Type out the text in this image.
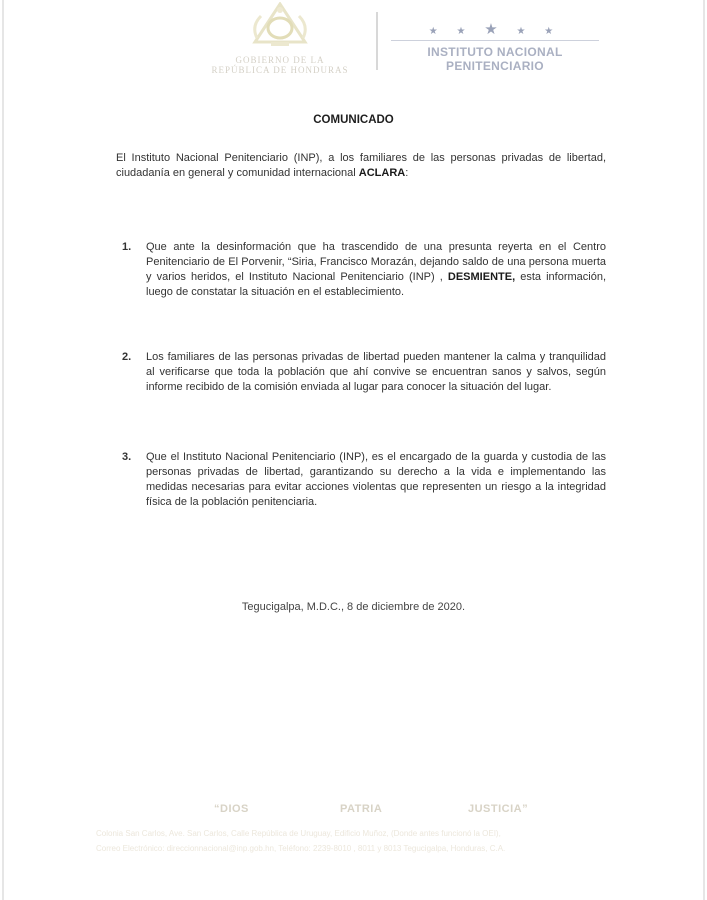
GOBIERNO DE LA
REPÚBLICA DE HONDURAS
★ ★ ★ ★ ★
INSTITUTO NACIONAL
PENITENCIARIO
COMUNICADO
El Instituto Nacional Penitenciario (INP), a los familiares de las personas privadas de libertad, ciudadanía en general y comunidad internacional ACLARA:
1. Que ante la desinformación que ha trascendido de una presunta reyerta en el Centro Penitenciario de El Porvenir, “Siria, Francisco Morazán, dejando saldo de una persona muerta y varios heridos, el Instituto Nacional Penitenciario (INP) , DESMIENTE, esta información, luego de constatar la situación en el establecimiento.
2. Los familiares de las personas privadas de libertad pueden mantener la calma y tranquilidad al verificarse que toda la población que ahí convive se encuentran sanos y salvos, según informe recibido de la comisión enviada al lugar para conocer la situación del lugar.
3. Que el Instituto Nacional Penitenciario (INP), es el encargado de la guarda y custodia de las personas privadas de libertad, garantizando su derecho a la vida e implementando las medidas necesarias para evitar acciones violentas que representen un riesgo a la integridad física de la población penitenciaria.
Tegucigalpa, M.D.C., 8 de diciembre de 2020.
“DIOS	PATRIA	JUSTICIA”
Colonia San Carlos, Ave. San Carlos, Calle República de Uruguay, Edificio Muñoz, (Donde antes funcionó la OEI),
Correo Electrónico: direccionnacional@inp.gob.hn, Teléfono: 2239-8010 , 8011 y 8013 Tegucigalpa, Honduras, C.A.
